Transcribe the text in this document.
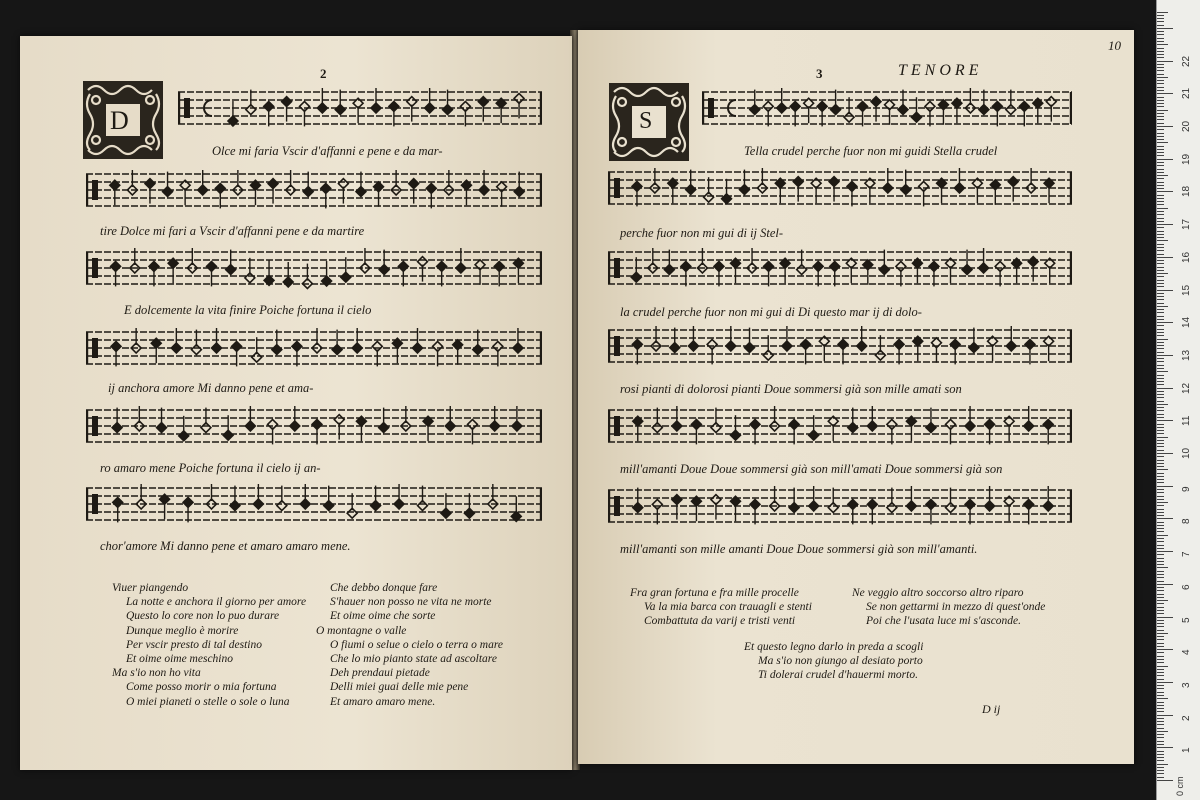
2
D
Olce mi faria Vscir d'affanni e pene e da mar-
tire Dolce mi fari a Vscir d'affanni pene e da martire
E dolcemente la vita finire Poiche fortuna il cielo
ij anchora amore Mi danno pene et ama-
ro amaro mene Poiche fortuna il cielo ij an-
chor'amore Mi danno pene et amaro amaro mene.
Viuer piangendo
La notte e anchora il giorno per amore
Questo lo core non lo puo durare
Dunque meglio è morire
Per vscir presto di tal destino
Et oime oime meschino
Ma s'io non ho vita
Come posso morir o mia fortuna
O miei pianeti o stelle o sole o luna
Che debbo donque fare
S'hauer non posso ne vita ne morte
Et oime oime che sorte
O montagne o valle
O fiumi o selue o cielo o terra o mare
Che lo mio pianto state ad ascoltare
Deh prendaui pietade
Delli miei guai delle mie pene
Et amaro amaro mene.
3	TENORE
10
S
Tella crudel perche fuor non mi guidi Stella crudel
perche fuor non mi gui di ij Stel-
la crudel perche fuor non mi gui di Di questo mar ij di dolo-
rosi pianti di dolorosi pianti Doue sommersi già son mille amati son
mill'amanti Doue Doue sommersi già son mill'amati Doue sommersi già son
mill'amanti son mille amanti Doue Doue sommersi già son mill'amanti.
Fra gran fortuna e fra mille procelle
Va la mia barca con trauagli e stenti
Combattuta da varij e tristi venti
Ne veggio altro soccorso altro riparo
Se non gettarmi in mezzo di quest'onde
Poi che l'usata luce mi s'asconde.
Et questo legno darlo in preda a scogli
Ma s'io non giungo al desiato porto
Ti dolerai crudel d'hauermi morto.
D ij
0 cm
1
2
3
4
5
6
7
8
9
10
11
12
13
14
15
16
17
18
19
20
21
22
